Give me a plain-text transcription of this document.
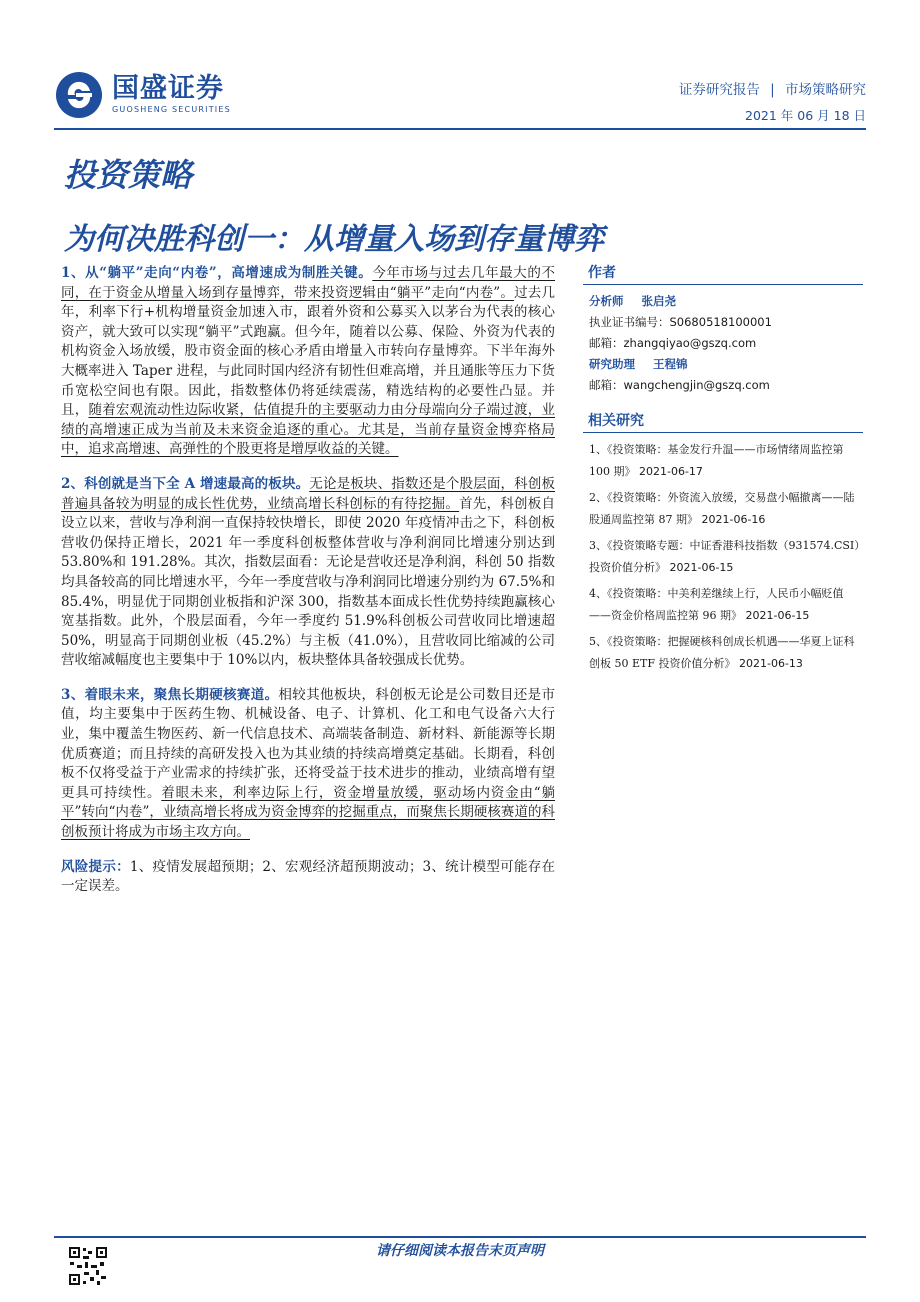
国盛证券
GUOSHENG SECURITIES
证券研究报告 | 市场策略研究
2021 年 06 月 18 日
投资策略
为何决胜科创一：从增量入场到存量博弈

1、从“躺平”走向“内卷”，高增速成为制胜关键。今年市场与过去几年最大的不同，在于资金从增量入场到存量博弈，带来投资逻辑由“躺平”走向“内卷”。过去几年，利率下行+机构增量资金加速入市，跟着外资和公募买入以茅台为代表的核心资产，就大致可以实现“躺平”式跑赢。但今年，随着以公募、保险、外资为代表的机构资金入场放缓，股市资金面的核心矛盾由增量入市转向存量博弈。下半年海外大概率进入 Taper 进程，与此同时国内经济有韧性但难高增，并且通胀等压力下货币宽松空间也有限。因此，指数整体仍将延续震荡，精选结构的必要性凸显。并且，随着宏观流动性边际收紧，估值提升的主要驱动力由分母端向分子端过渡，业绩的高增速正成为当前及未来资金追逐的重心。尤其是，当前存量资金博弈格局中，追求高增速、高弹性的个股更将是增厚收益的关键。

2、科创就是当下全 A 增速最高的板块。无论是板块、指数还是个股层面，科创板普遍具备较为明显的成长性优势，业绩高增长科创标的有待挖掘。首先，科创板自设立以来，营收与净利润一直保持较快增长，即使 2020 年疫情冲击之下，科创板营收仍保持正增长，2021 年一季度科创板整体营收与净利润同比增速分别达到 53.80%和 191.28%。其次，指数层面看：无论是营收还是净利润，科创 50 指数均具备较高的同比增速水平，今年一季度营收与净利润同比增速分别约为 67.5%和 85.4%，明显优于同期创业板指和沪深 300，指数基本面成长性优势持续跑赢核心宽基指数。此外，个股层面看，今年一季度约 51.9%科创板公司营收同比增速超 50%，明显高于同期创业板（45.2%）与主板（41.0%），且营收同比缩减的公司营收缩减幅度也主要集中于 10%以内，板块整体具备较强成长优势。

3、着眼未来，聚焦长期硬核赛道。相较其他板块，科创板无论是公司数目还是市值，均主要集中于医药生物、机械设备、电子、计算机、化工和电气设备六大行业，集中覆盖生物医药、新一代信息技术、高端装备制造、新材料、新能源等长期优质赛道；而且持续的高研发投入也为其业绩的持续高增奠定基础。长期看，科创板不仅将受益于产业需求的持续扩张，还将受益于技术进步的推动，业绩高增有望更具可持续性。着眼未来，利率边际上行，资金增量放缓，驱动场内资金由“躺平”转向“内卷”，业绩高增长将成为资金博弈的挖掘重点，而聚焦长期硬核赛道的科创板预计将成为市场主攻方向。

风险提示：1、疫情发展超预期；2、宏观经济超预期波动；3、统计模型可能存在一定误差。

作者
分析师 张启尧
执业证书编号：S0680518100001
邮箱：zhangqiyao@gszq.com
研究助理 王程锦
邮箱：wangchengjin@gszq.com
相关研究
1、《投资策略：基金发行升温——市场情绪周监控第 100 期》 2021-06-17
2、《投资策略：外资流入放缓，交易盘小幅撤离——陆股通周监控第 87 期》 2021-06-16
3、《投资策略专题：中证香港科技指数（931574.CSI）投资价值分析》 2021-06-15
4、《投资策略：中美利差继续上行，人民币小幅贬值——资金价格周监控第 96 期》 2021-06-15
5、《投资策略：把握硬核科创成长机遇——华夏上证科创板 50 ETF 投资价值分析》 2021-06-13
请仔细阅读本报告末页声明
